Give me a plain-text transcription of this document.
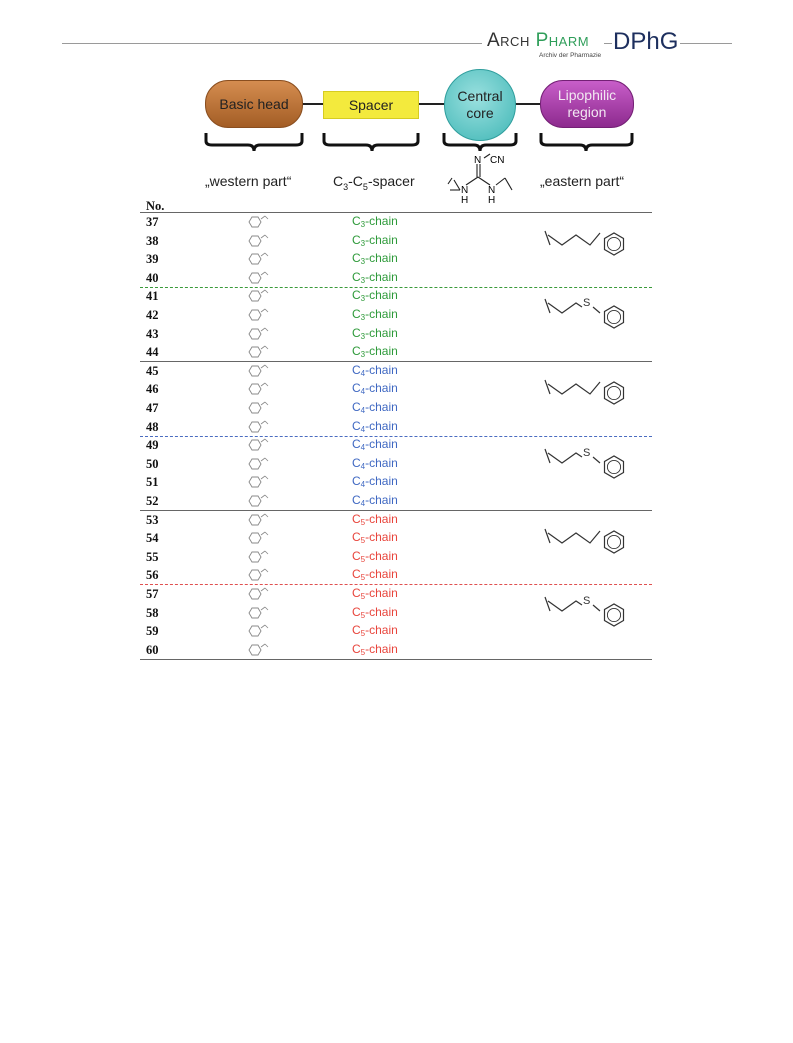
Arch Pharm
Archiv der Pharmazie
DPhG
N CN
N
H
N
H
Basic head	Spacer
Central
core
Lipophilic
region
„western part“	$C_3-C_5$-spacer	„eastern part“
No.
37	$C_3$-chain
38	$C_3$-chain
39	$C_3$-chain
40	$C_3$-chain
41	$C_3$-chain
42	$C_3$-chain
43	$C_3$-chain
44	$C_3$-chain
45	$C_4$-chain
46	$C_4$-chain
47	$C_4$-chain
48	$C_4$-chain
49	$C_4$-chain
50	$C_4$-chain
51	$C_4$-chain
52	$C_4$-chain
53	$C_5$-chain
54	$C_5$-chain
55	$C_5$-chain
56	$C_5$-chain
57	$C_5$-chain
58	$C_5$-chain
59	$C_5$-chain
60	$C_5$-chain
S
S
S
